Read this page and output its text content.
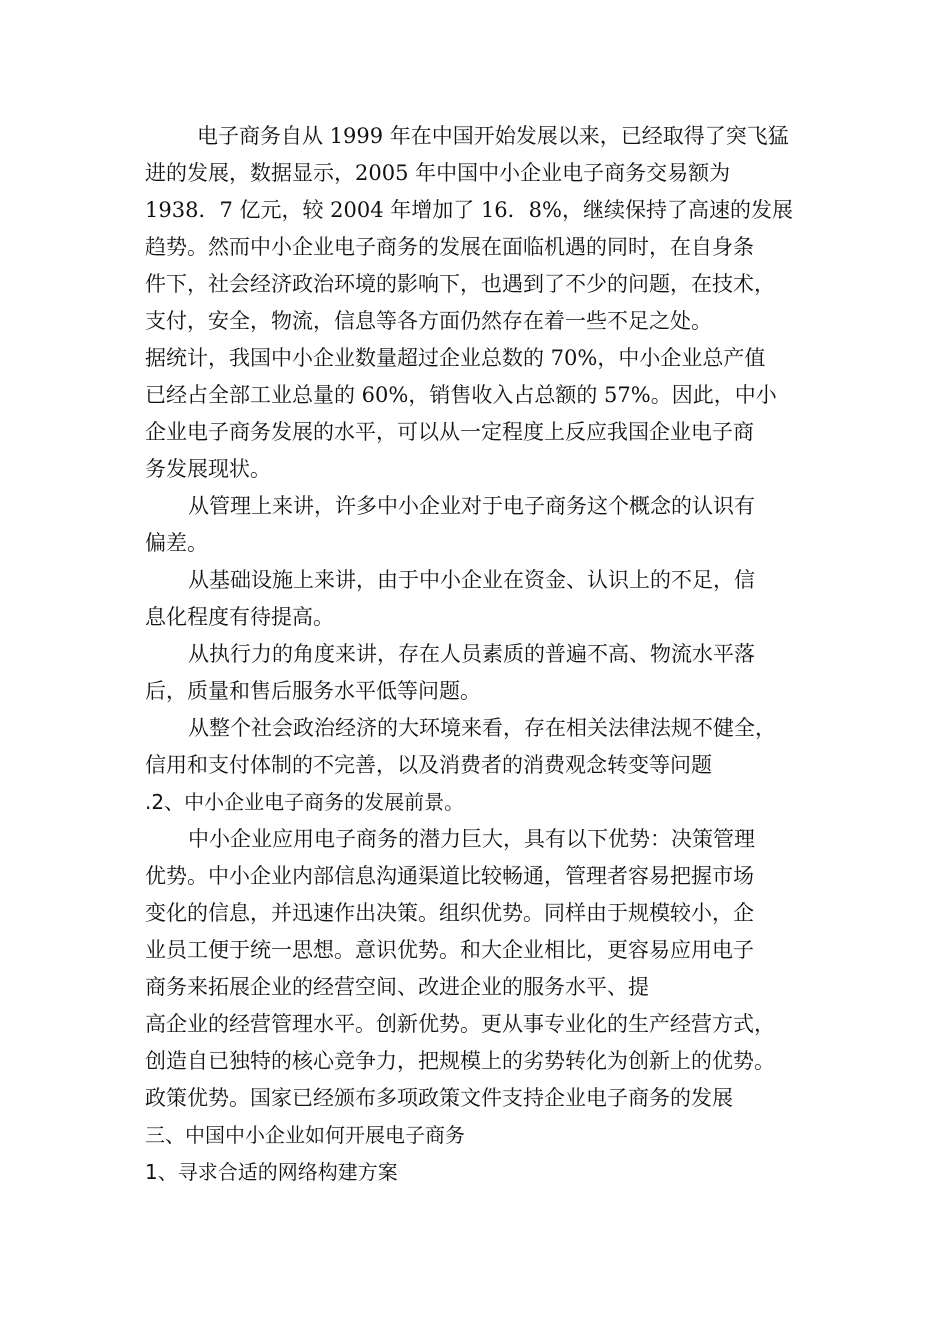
电子商务自从 1999 年在中国开始发展以来，已经取得了突飞猛
进的发展，数据显示，2005 年中国中小企业电子商务交易额为
1938．7 亿元，较 2004 年增加了 16．8%，继续保持了高速的发展
趋势。然而中小企业电子商务的发展在面临机遇的同时，在自身条
件下，社会经济政治环境的影响下，也遇到了不少的问题，在技术，
支付，安全，物流，信息等各方面仍然存在着一些不足之处。
据统计，我国中小企业数量超过企业总数的 70%，中小企业总产值
已经占全部工业总量的 60%，销售收入占总额的 57%。因此，中小
企业电子商务发展的水平，可以从一定程度上反应我国企业电子商
务发展现状。
从管理上来讲，许多中小企业对于电子商务这个概念的认识有
偏差。
从基础设施上来讲，由于中小企业在资金、认识上的不足，信
息化程度有待提高。
从执行力的角度来讲，存在人员素质的普遍不高、物流水平落
后，质量和售后服务水平低等问题。
从整个社会政治经济的大环境来看，存在相关法律法规不健全，
信用和支付体制的不完善，以及消费者的消费观念转变等问题
.2、中小企业电子商务的发展前景。
中小企业应用电子商务的潜力巨大，具有以下优势：决策管理
优势。中小企业内部信息沟通渠道比较畅通，管理者容易把握市场
变化的信息，并迅速作出决策。组织优势。同样由于规模较小，企
业员工便于统一思想。意识优势。和大企业相比，更容易应用电子
商务来拓展企业的经营空间、改进企业的服务水平、提
高企业的经营管理水平。创新优势。更从事专业化的生产经营方式，
创造自已独特的核心竞争力，把规模上的劣势转化为创新上的优势。
政策优势。国家已经颁布多项政策文件支持企业电子商务的发展
三、中国中小企业如何开展电子商务
1、寻求合适的网络构建方案
